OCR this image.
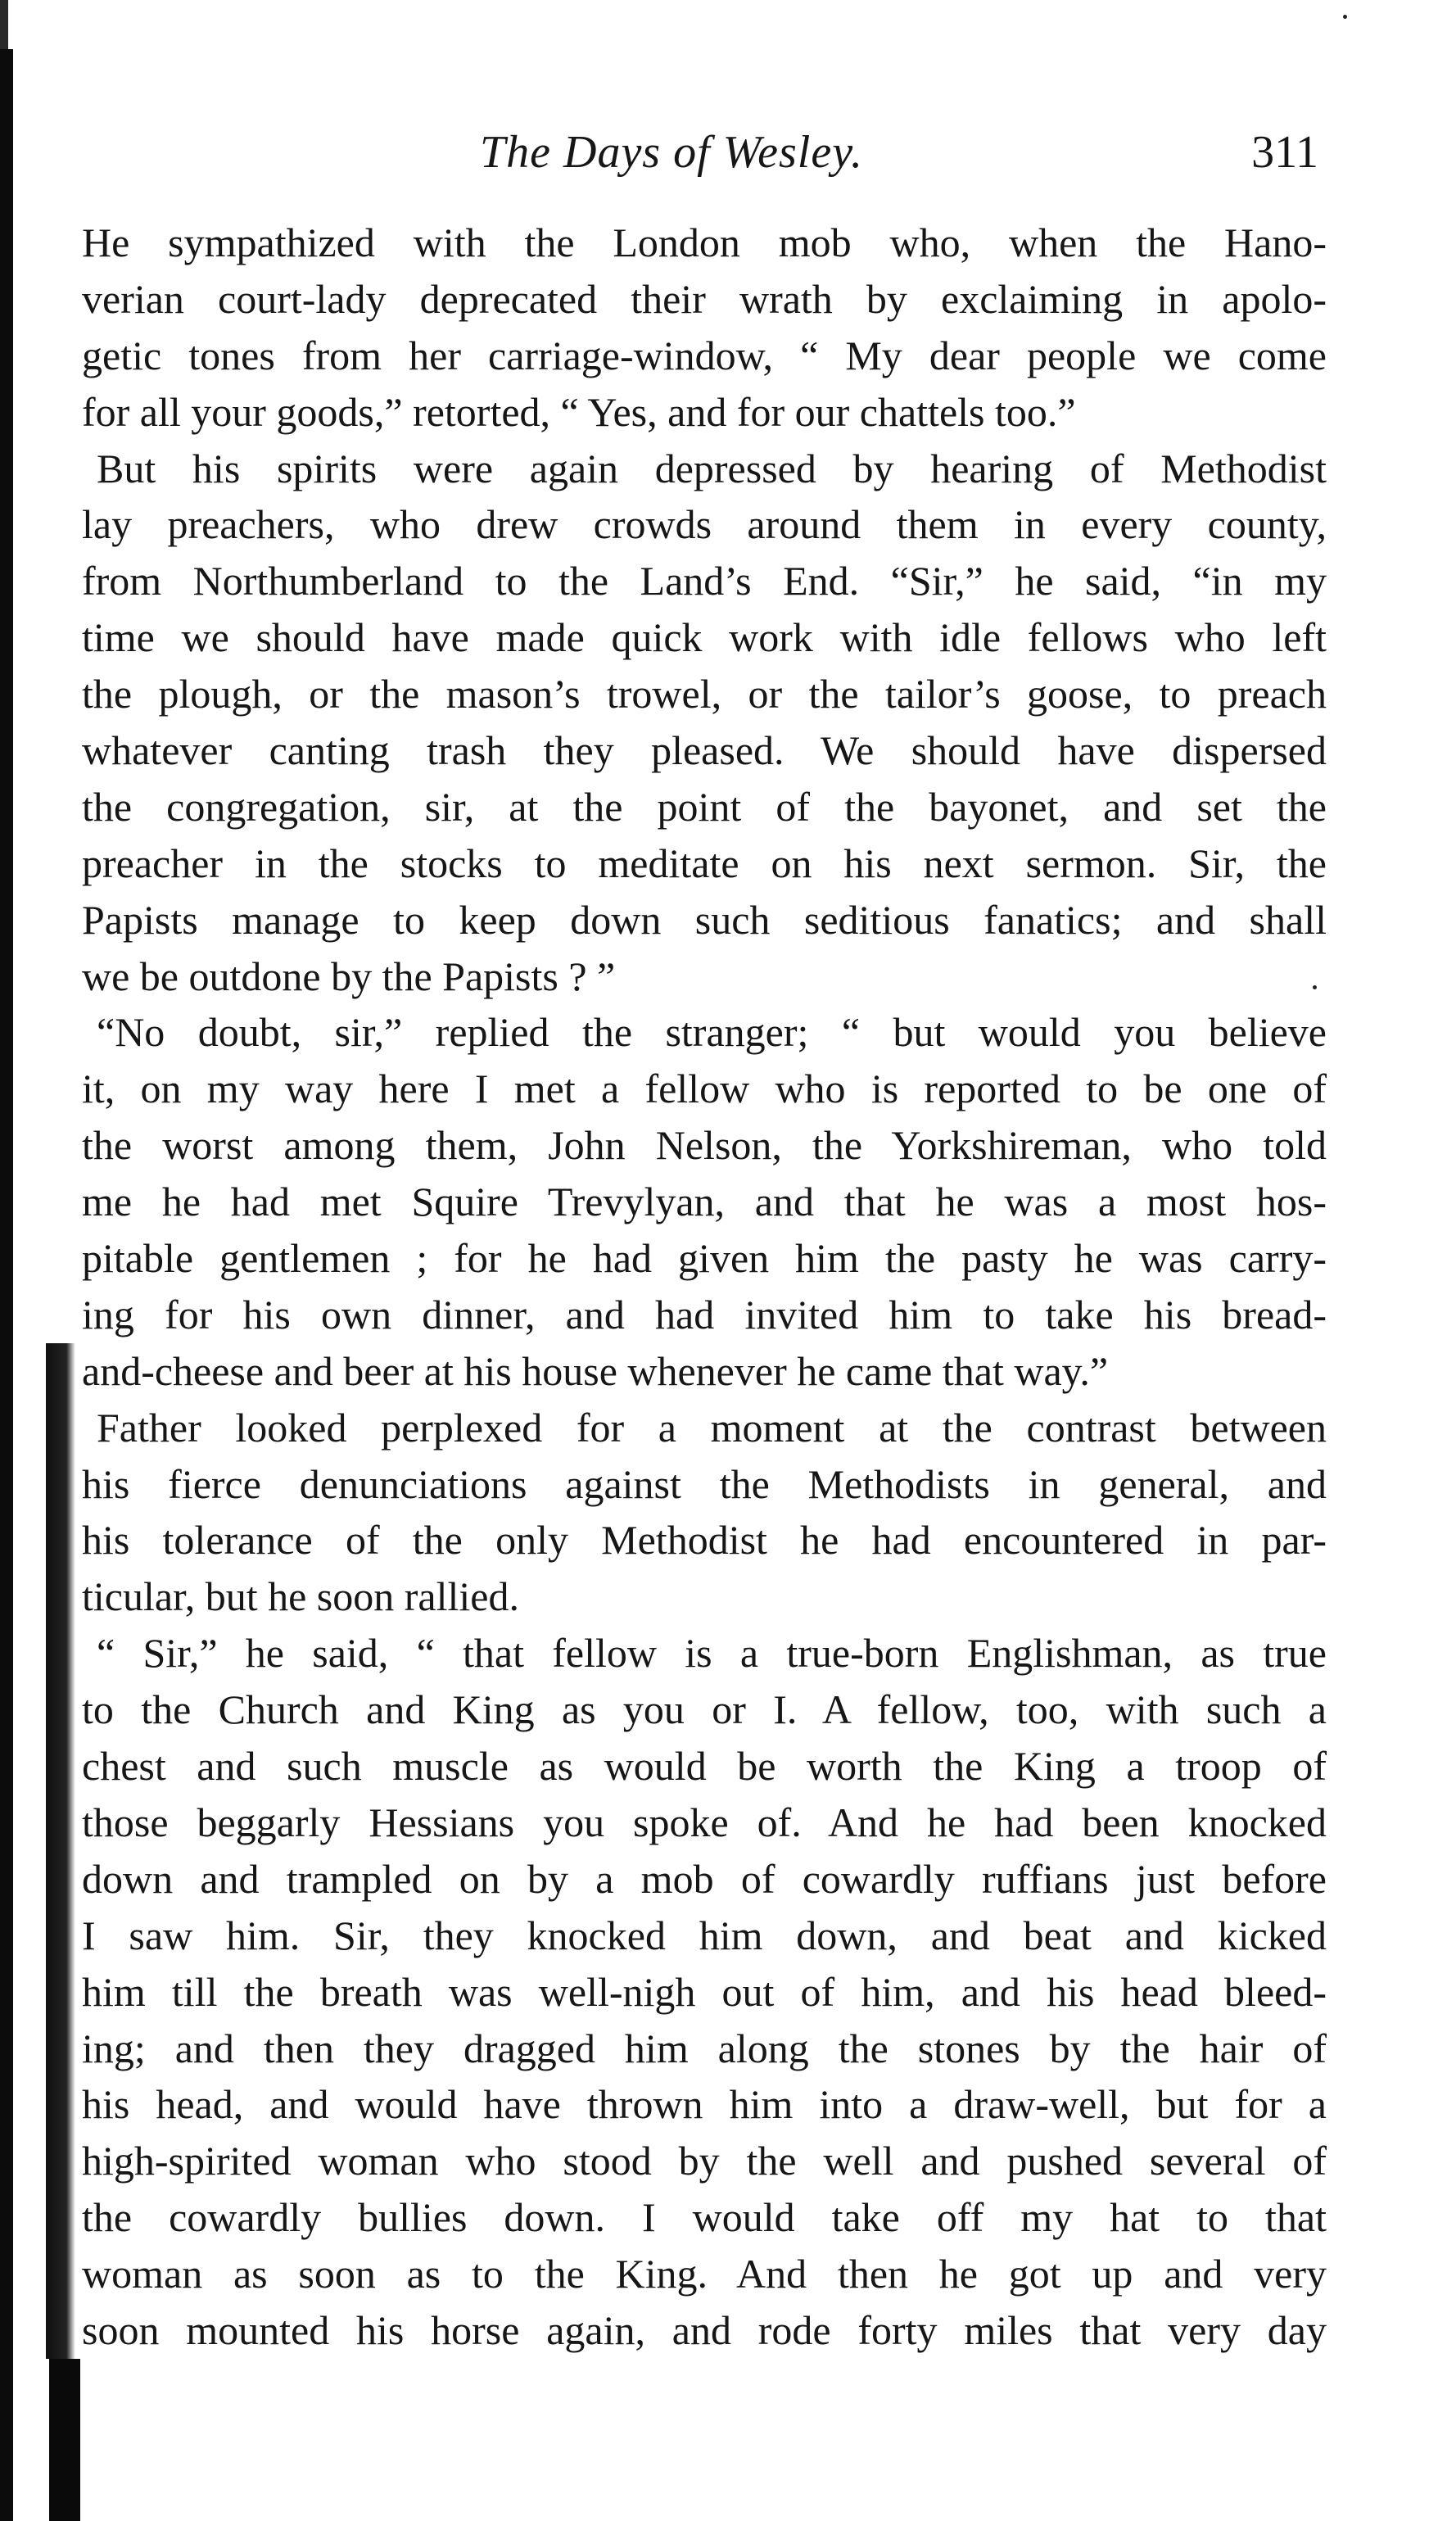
The Days of Wesley.	311
He sympathized with the London mob who, when the Hano-
verian court-lady deprecated their wrath by exclaiming in apolo-
getic tones from her carriage-window, “ My dear people we come
for all your goods,” retorted, “ Yes, and for our chattels too.”
But his spirits were again depressed by hearing of Methodist
lay preachers, who drew crowds around them in every county,
from Northumberland to the Land’s End. “Sir,” he said, “in my
time we should have made quick work with idle fellows who left
the plough, or the mason’s trowel, or the tailor’s goose, to preach
whatever canting trash they pleased. We should have dispersed
the congregation, sir, at the point of the bayonet, and set the
preacher in the stocks to meditate on his next sermon. Sir, the
Papists manage to keep down such seditious fanatics; and shall
we be outdone by the Papists ? ”
“No doubt, sir,” replied the stranger; “ but would you believe
it, on my way here I met a fellow who is reported to be one of
the worst among them, John Nelson, the Yorkshireman, who told
me he had met Squire Trevylyan, and that he was a most hos-
pitable gentlemen ; for he had given him the pasty he was carry-
ing for his own dinner, and had invited him to take his bread-
and-cheese and beer at his house whenever he came that way.”
Father looked perplexed for a moment at the contrast between
his fierce denunciations against the Methodists in general, and
his tolerance of the only Methodist he had encountered in par-
ticular, but he soon rallied.
“ Sir,” he said, “ that fellow is a true-born Englishman, as true
to the Church and King as you or I. A fellow, too, with such a
chest and such muscle as would be worth the King a troop of
those beggarly Hessians you spoke of. And he had been knocked
down and trampled on by a mob of cowardly ruffians just before
I saw him. Sir, they knocked him down, and beat and kicked
him till the breath was well-nigh out of him, and his head bleed-
ing; and then they dragged him along the stones by the hair of
his head, and would have thrown him into a draw-well, but for a
high-spirited woman who stood by the well and pushed several of
the cowardly bullies down. I would take off my hat to that
woman as soon as to the King. And then he got up and very
soon mounted his horse again, and rode forty miles that very day
